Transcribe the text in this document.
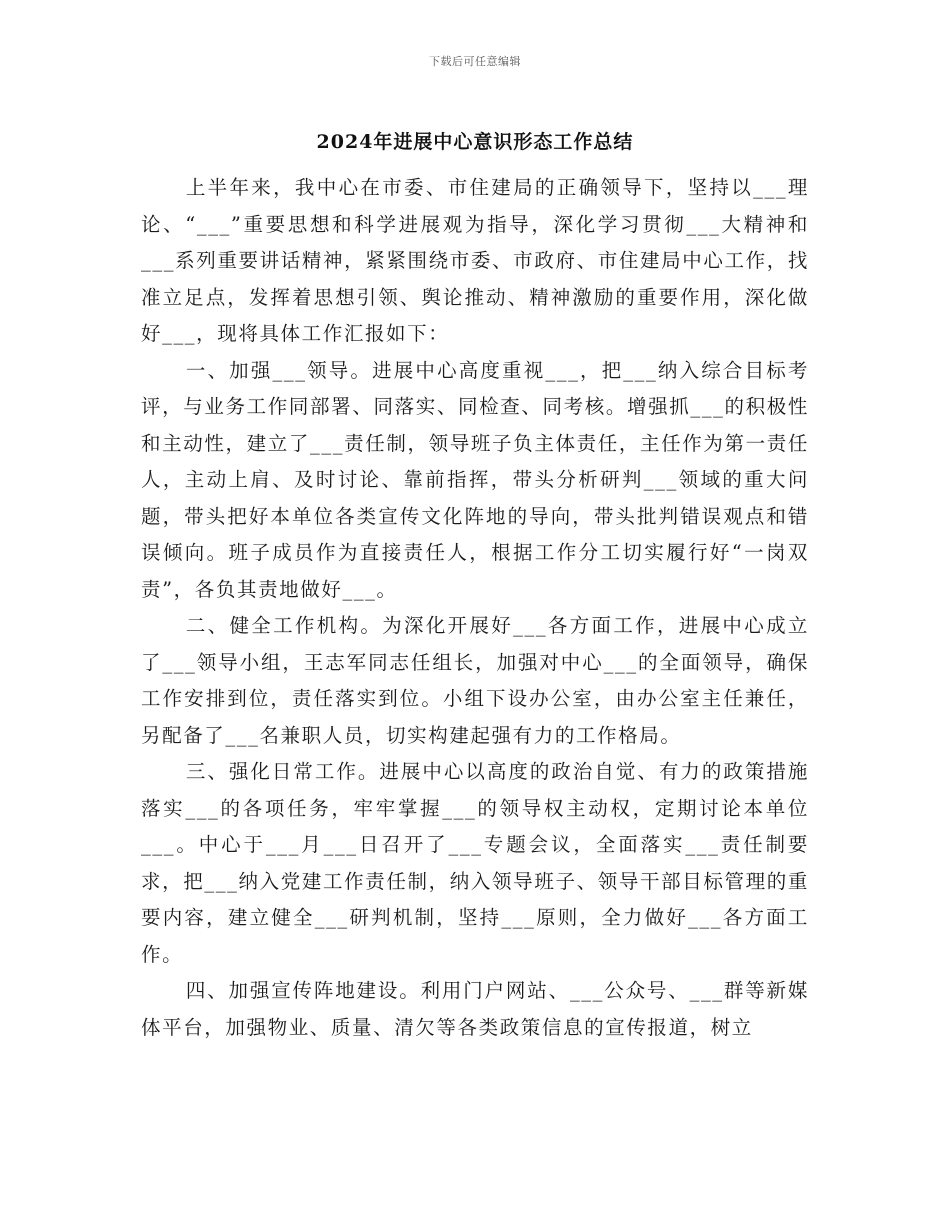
下载后可任意编辑
2024年进展中心意识形态工作总结

上半年来，我中心在市委、市住建局的正确领导下，坚持以___理论、“___”重要思想和科学进展观为指导，深化学习贯彻___大精神和___系列重要讲话精神，紧紧围绕市委、市政府、市住建局中心工作，找准立足点，发挥着思想引领、舆论推动、精神激励的重要作用，深化做好___，现将具体工作汇报如下：

一、加强___领导。进展中心高度重视___，把___纳入综合目标考评，与业务工作同部署、同落实、同检查、同考核。增强抓___的积极性和主动性，建立了___责任制，领导班子负主体责任，主任作为第一责任人，主动上肩、及时讨论、靠前指挥，带头分析研判___领域的重大问题，带头把好本单位各类宣传文化阵地的导向，带头批判错误观点和错误倾向。班子成员作为直接责任人，根据工作分工切实履行好“一岗双责”，各负其责地做好___。

二、健全工作机构。为深化开展好___各方面工作，进展中心成立了___领导小组，王志军同志任组长，加强对中心___的全面领导，确保工作安排到位，责任落实到位。小组下设办公室，由办公室主任兼任，另配备了___名兼职人员，切实构建起强有力的工作格局。

三、强化日常工作。进展中心以高度的政治自觉、有力的政策措施落实___的各项任务，牢牢掌握___的领导权主动权，定期讨论本单位___。中心于___月___日召开了___专题会议，全面落实___责任制要求，把___纳入党建工作责任制，纳入领导班子、领导干部目标管理的重要内容，建立健全___研判机制，坚持___原则，全力做好___各方面工作。

四、加强宣传阵地建设。利用门户网站、___公众号、___群等新媒体平台，加强物业、质量、清欠等各类政策信息的宣传报道，树立
